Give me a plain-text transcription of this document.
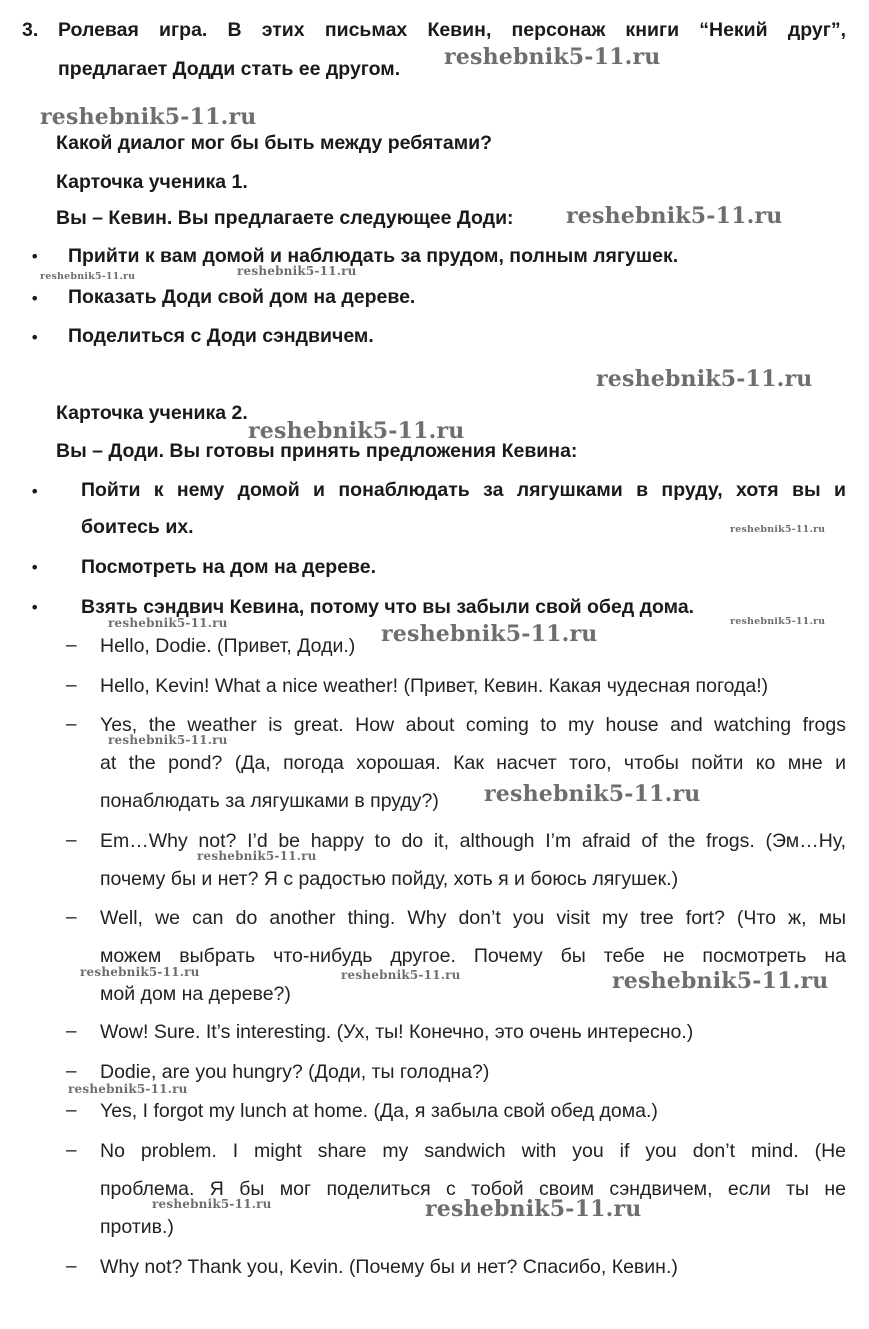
3. Ролевая игра. В этих письмах Кевин, персонаж книги “Некий друг”,
предлагает Додди стать ее другом.
Какой диалог мог бы быть между ребятами?
Карточка ученика 1.
Вы – Кевин. Вы предлагаете следующее Доди:
• Прийти к вам домой и наблюдать за прудом, полным лягушек.
• Показать Доди свой дом на дереве.
• Поделиться с Доди сэндвичем.
Карточка ученика 2.
Вы – Доди. Вы готовы принять предложения Кевина:
• Пойти к нему домой и понаблюдать за лягушками в пруду, хотя вы и
боитесь их.
• Посмотреть на дом на дереве.
• Взять сэндвич Кевина, потому что вы забыли свой обед дома.
– Hello, Dodie. (Привет, Доди.)
– Hello, Kevin! What a nice weather! (Привет, Кевин. Какая чудесная погода!)
– Yes, the weather is great. How about coming to my house and watching frogs
at the pond? (Да, погода хорошая. Как насчет того, чтобы пойти ко мне и
понаблюдать за лягушками в пруду?)
– Em…Why not? I’d be happy to do it, although I’m afraid of the frogs. (Эм…Ну,
почему бы и нет? Я с радостью пойду, хоть я и боюсь лягушек.)
– Well, we can do another thing. Why don’t you visit my tree fort? (Что ж, мы
можем выбрать что-нибудь другое. Почему бы тебе не посмотреть на
мой дом на дереве?)
– Wow! Sure. It’s interesting. (Ух, ты! Конечно, это очень интересно.)
– Dodie, are you hungry? (Доди, ты голодна?)
– Yes, I forgot my lunch at home. (Да, я забыла свой обед дома.)
– No problem. I might share my sandwich with you if you don’t mind. (Не
проблема. Я бы мог поделиться с тобой своим сэндвичем, если ты не
против.)
– Why not? Thank you, Kevin. (Почему бы и нет? Спасибо, Кевин.)
reshebnik5-11.ru
reshebnik5-11.ru
reshebnik5-11.ru
reshebnik5-11.ru	reshebnik5-11.ru
reshebnik5-11.ru
reshebnik5-11.ru
reshebnik5-11.ru
reshebnik5-11.ru
reshebnik5-11.ru	reshebnik5-11.ru
reshebnik5-11.ru
reshebnik5-11.ru
reshebnik5-11.ru
reshebnik5-11.ru	reshebnik5-11.ru	reshebnik5-11.ru
reshebnik5-11.ru
reshebnik5-11.ru	reshebnik5-11.ru
